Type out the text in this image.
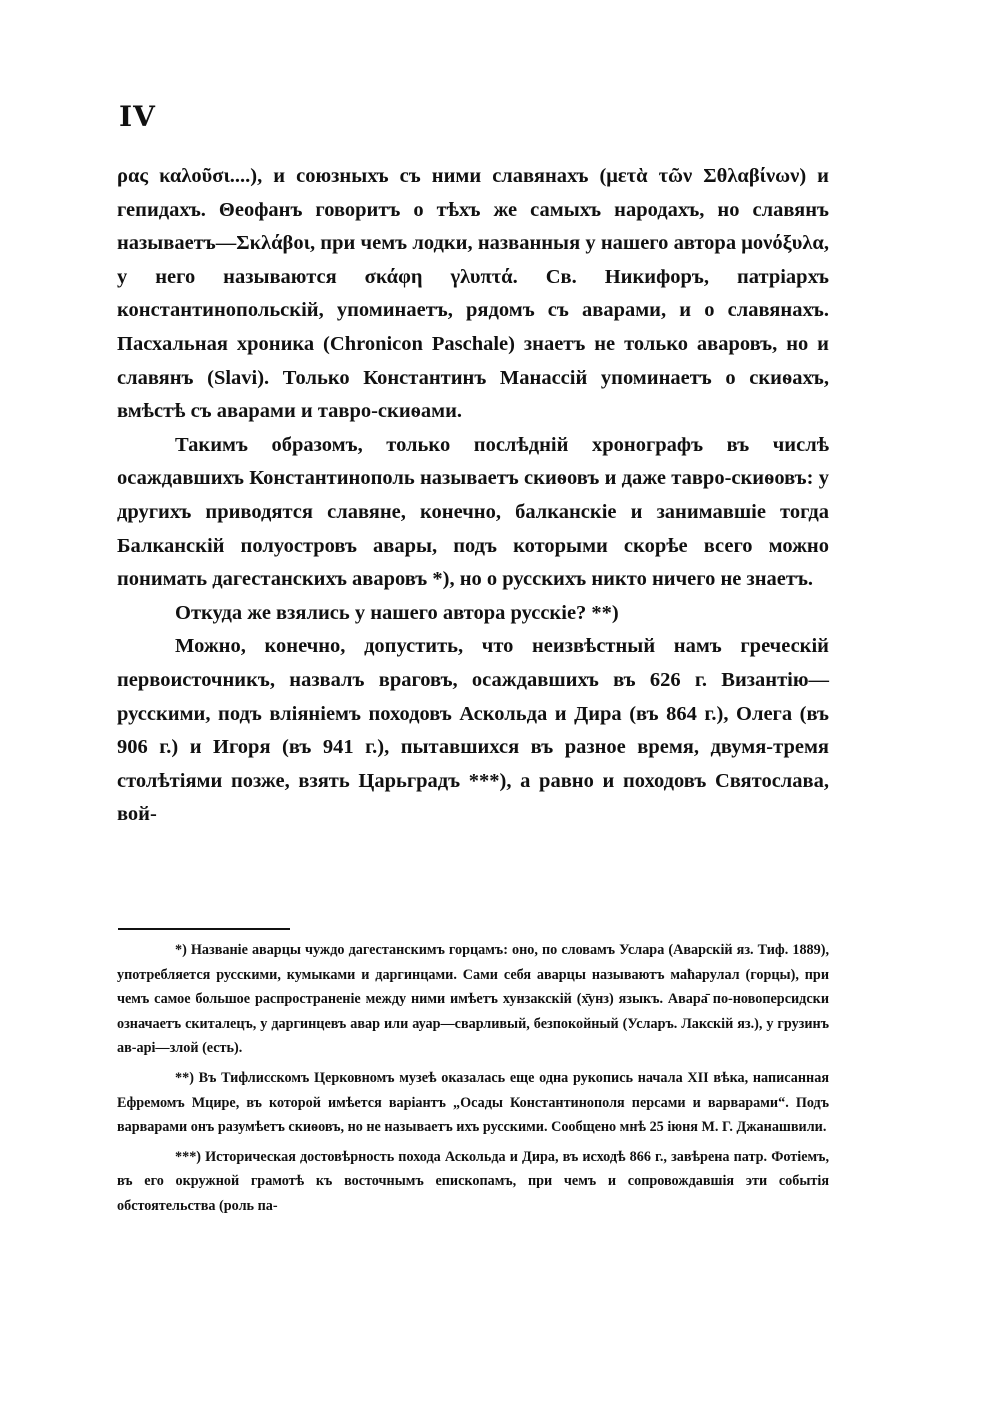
IV

ρας καλοῦσι....), и союзныхъ съ ними славянахъ (μετὰ τῶν Σθλαβίνων) и гепидахъ. Θеофанъ говоритъ о тѣхъ же самыхъ народахъ, но славянъ называетъ—Σκλάβοι, при чемъ лодки, названныя у нашего автора μονόξυλα, у него называются σκάφη γλυπτά. Св. Никифоръ, патріархъ константинопольскій, упоминаетъ, рядомъ съ аварами, и о славянахъ. Пасхальная хроника (Chronicon Paschale) знаетъ не только аваровъ, но и славянъ (Slavi). Только Константинъ Манассій упоминаетъ о скиѳахъ, вмѣстѣ съ аварами и тавро-скиѳами.

Такимъ образомъ, только послѣдній хронографъ въ числѣ осаждавшихъ Константинополь называетъ скиѳовъ и даже тавро-скиѳовъ: у другихъ приводятся славяне, конечно, балканскіе и занимавшіе тогда Балканскій полуостровъ авары, подъ которыми скорѣе всего можно понимать дагестанскихъ аваровъ *), но о русскихъ никто ничего не знаетъ.

Откуда же взялись у нашего автора русскіе? **)

Можно, конечно, допустить, что неизвѣстный намъ греческій первоисточникъ, назвалъ враговъ, осаждавшихъ въ 626 г. Византію—русскими, подъ вліяніемъ походовъ Аскольда и Дира (въ 864 г.), Олега (въ 906 г.) и Игоря (въ 941 г.), пытавшихся въ разное время, двумя-тремя столѣтіями позже, взять Царьградъ ***), а равно и походовъ Святослава, вой-

*) Названіе аварцы чуждо дагестанскимъ горцамъ: оно, по словамъ Услара (Аварскій яз. Тиф. 1889), употребляется русскими, кумыками и даргинцами. Сами себя аварцы называютъ маћарулал (горцы), при чемъ самое большое распространеніе между ними имѣетъ хунзакскій (х̄унз) языкъ. Авара̄ по-новоперсидски означаетъ скиталецъ, у даргинцевъ авар или ауар—сварливый, безпокойный (Усларъ. Лакскій яз.), у грузинъ ав-арі—злой (есть).

**) Въ Тифлисскомъ Церковномъ музеѣ оказалась еще одна рукопись начала XII вѣка, написанная Ефремомъ Мцире, въ которой имѣется варіантъ „Осады Константинополя персами и варварами“. Подъ варварами онъ разумѣетъ скиѳовъ, но не называетъ ихъ русскими. Сообщено мнѣ 25 іюня М. Г. Джанашвили.

***) Историческая достовѣрность похода Аскольда и Дира, въ исходѣ 866 г., завѣрена патр. Фотіемъ, въ его окружной грамотѣ къ восточнымъ епископамъ, при чемъ и сопровождавшія эти событія обстоятельства (роль па-
